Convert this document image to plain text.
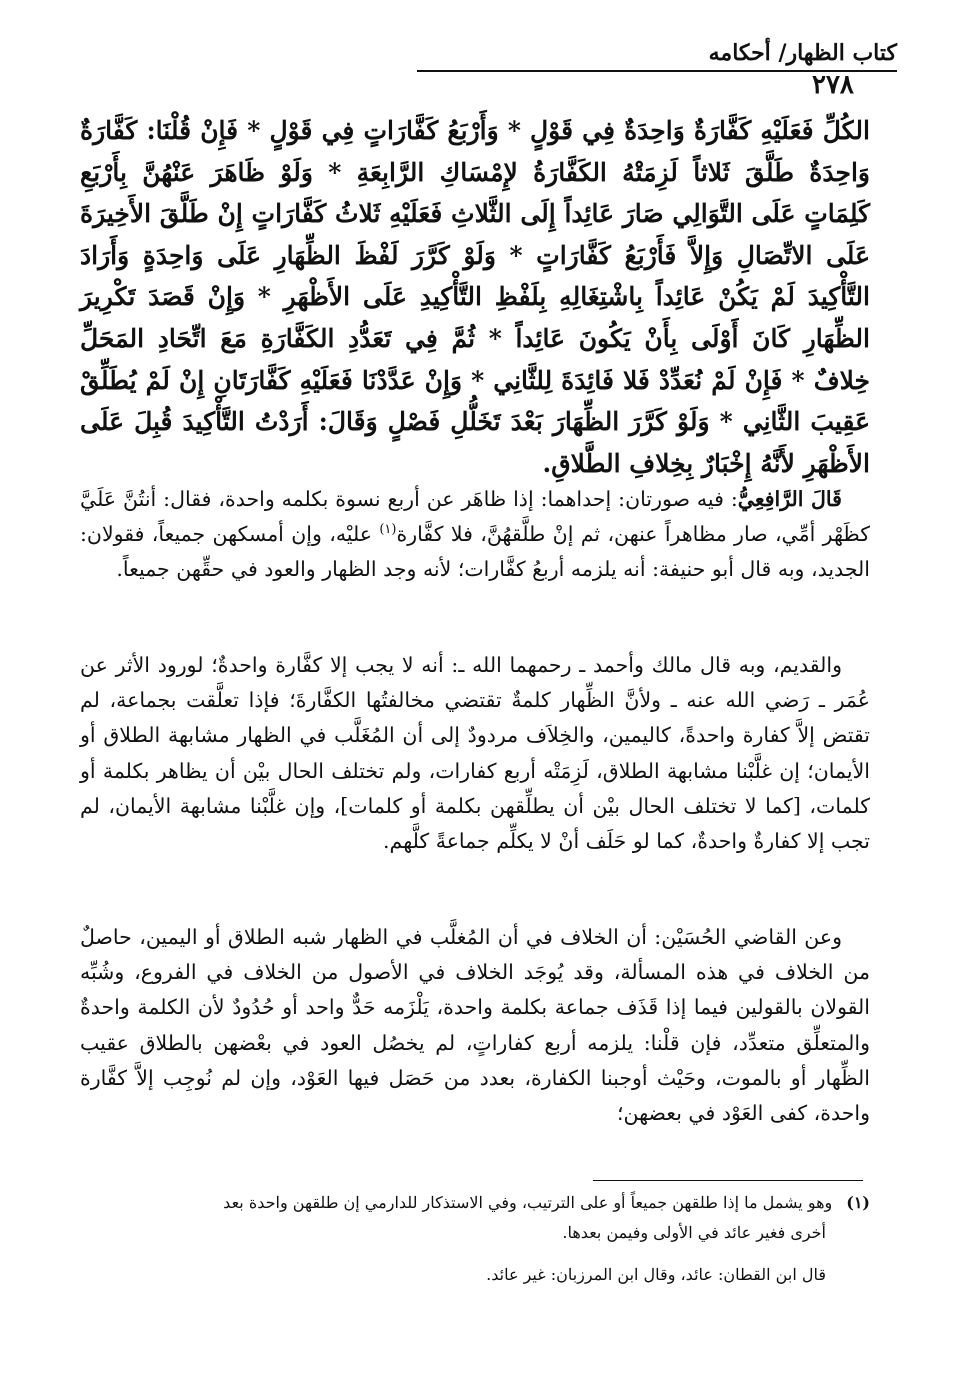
كتاب الظهار/ أحكامه
٢٧٨

الكُلِّ فَعَلَيْهِ كَفَّارَةٌ وَاحِدَةٌ فِي قَوْلٍ * وَأَرْبَعُ كَفَّارَاتٍ فِي قَوْلٍ * فَإِنْ قُلْنَا: كَفَّارَةٌ وَاحِدَةٌ طَلَّقَ ثَلاثاً لَزِمَتْهُ الكَفَّارَةُ لإِمْسَاكِ الرَّابِعَةِ * وَلَوْ ظَاهَرَ عَنْهُنَّ بِأَرْبَعِ كَلِمَاتٍ عَلَى التَّوَالِي صَارَ عَائِداً إِلَى الثَّلاثِ فَعَلَيْهِ ثَلاثُ كَفَّارَاتٍ إِنْ طَلَّقَ الأَخِيرَةَ عَلَى الاتِّصَالِ وَإِلاَّ فَأَرْبَعُ كَفَّارَاتٍ * وَلَوْ كَرَّرَ لَفْظَ الظِّهَارِ عَلَى وَاحِدَةٍ وَأَرَادَ التَّأْكِيدَ لَمْ يَكُنْ عَائِداً بِاشْتِغَالِهِ بِلَفْظِ التَّأْكِيدِ عَلَى الأَظْهَرِ * وَإِنْ قَصَدَ تَكْرِيرَ الظِّهَارِ كَانَ أَوْلَى بِأَنْ يَكُونَ عَائِداً * ثُمَّ فِي تَعَدُّدِ الكَفَّارَةِ مَعَ اتِّحَادِ المَحَلِّ خِلافٌ * فَإِنْ لَمْ نُعَدِّدْ فَلا فَائِدَةَ لِلثَّانِي * وَإِنْ عَدَّدْنَا فَعَلَيْهِ كَفَّارَتَانِ إِنْ لَمْ يُطَلِّقْ عَقِيبَ الثَّانِي * وَلَوْ كَرَّرَ الظِّهَارَ بَعْدَ تَخَلُّلِ فَصْلٍ وَقَالَ: أَرَدْتُ التَّأْكِيدَ قُبِلَ عَلَى الأَظْهَرِ لأَنَّهُ إِخْبَارٌ بِخِلافِ الطَّلاقِ.

قَالَ الرَّافِعِيُّ: فيه صورتان: إحداهما: إذا ظاهَر عن أربع نسوة بكلمه واحدة، فقال: أنتُنَّ عَلَيَّ كظَهْر أمِّي، صار مظاهراً عنهن، ثم إنْ طلَّقهُنَّ، فلا كفَّارة$^{(١)}$ عليْه، وإن أمسكهن جميعاً، فقولان: الجديد، وبه قال أبو حنيفة: أنه يلزمه أربعُ كفَّارات؛ لأنه وجد الظهار والعود في حقِّهن جميعاً.

والقديم، وبه قال مالك وأحمد ـ رحمهما الله ـ: أنه لا يجب إلا كفَّارة واحدةٌ؛ لورود الأثر عن عُمَر ـ رَضي الله عنه ـ ولأنَّ الظِّهار كلمةٌ تقتضي مخالفتُها الكفَّارةَ؛ فإذا تعلَّقت بجماعة، لم تقتض إلاَّ كفارة واحدةً، كاليمين، والخِلاَف مردودٌ إلى أن المُغَلَّب في الظهار مشابهة الطلاق أو الأيمان؛ إن غلَّبْنا مشابهة الطلاق، لَزِمَتْه أربع كفارات، ولم تختلف الحال بيْن أن يظاهر بكلمة أو كلمات، [كما لا تختلف الحال بيْن أن يطلِّقهن بكلمة أو كلمات]، وإن غلَّبْنا مشابهة الأيمان، لم تجب إلا كفارةٌ واحدةٌ، كما لو حَلَف أنْ لا يكلِّم جماعةً كلَّهم.

وعن القاضي الحُسَيْن: أن الخلاف في أن المُغلَّب في الظهار شبه الطلاق أو اليمين، حاصلٌ من الخلاف في هذه المسألة، وقد يُوجَد الخلاف في الأصول من الخلاف في الفروع، وشُبِّه القولان بالقولين فيما إذا قَذَف جماعة بكلمة واحدة، يَلْزَمه حَدٌّ واحد أو حُدُودٌ لأن الكلمة واحدةٌ والمتعلِّق متعدِّد، فإن قلْنا: يلزمه أربع كفاراتٍ، لم يخصُل العود في بعْضهن بالطلاق عقيب الظِّهار أو بالموت، وحَيْث أوجبنا الكفارة، بعدد من حَصَل فيها العَوْد، وإن لم نُوجِب إلاَّ كفَّارة واحدة، كفى العَوْد في بعضهن؛

(١)وهو يشمل ما إذا طلقهن جميعاً أو على الترتيب، وفي الاستذكار للدارمي إن طلقهن واحدة بعد

أخرى فغير عائد في الأولى وفيمن بعدها.

قال ابن القطان: عائد، وقال ابن المرزبان: غير عائد.
